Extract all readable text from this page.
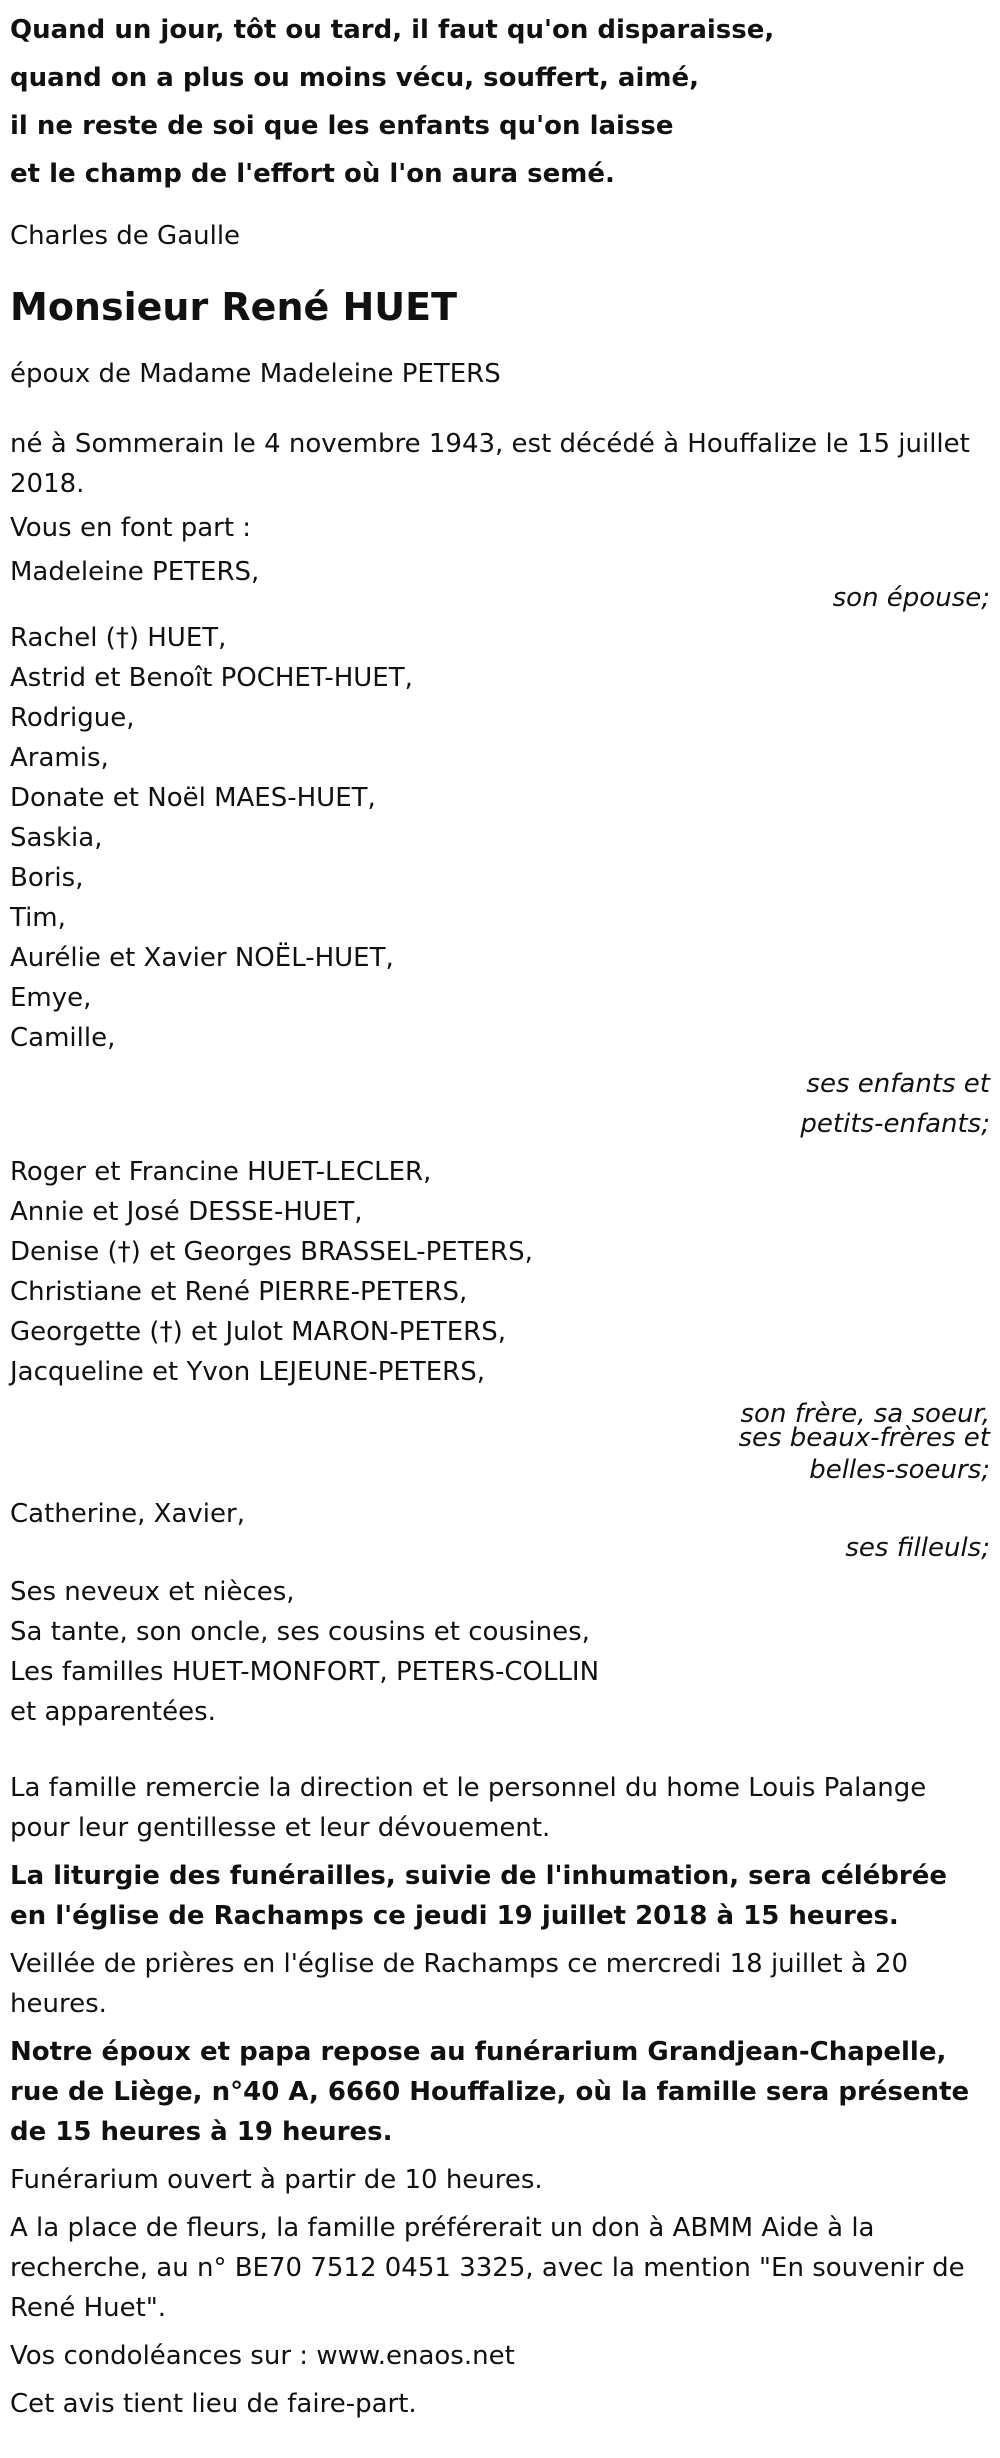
Quand un jour, tôt ou tard, il faut qu'on disparaisse,
quand on a plus ou moins vécu, souffert, aimé,
il ne reste de soi que les enfants qu'on laisse
et le champ de l'effort où l'on aura semé.
Charles de Gaulle
Monsieur René HUET
époux de Madame Madeleine PETERS
né à Sommerain le 4 novembre 1943, est décédé à Houffalize le 15 juillet 2018.
Vous en font part :
Madeleine PETERS,
son épouse;
Rachel (†) HUET,
Astrid et Benoît POCHET-HUET,
Rodrigue,
Aramis,
Donate et Noël MAES-HUET,
Saskia,
Boris,
Tim,
Aurélie et Xavier NOËL-HUET,
Emye,
Camille,
ses enfants et
petits-enfants;
Roger et Francine HUET-LECLER,
Annie et José DESSE-HUET,
Denise (†) et Georges BRASSEL-PETERS,
Christiane et René PIERRE-PETERS,
Georgette (†) et Julot MARON-PETERS,
Jacqueline et Yvon LEJEUNE-PETERS,
son frère, sa soeur,
ses beaux-frères et
belles-soeurs;
Catherine, Xavier,
ses filleuls;
Ses neveux et nièces,
Sa tante, son oncle, ses cousins et cousines,
Les familles HUET-MONFORT, PETERS-COLLIN
et apparentées.
La famille remercie la direction et le personnel du home Louis Palange pour leur gentillesse et leur dévouement.
La liturgie des funérailles, suivie de l'inhumation, sera célébrée en l'église de Rachamps ce jeudi 19 juillet 2018 à 15 heures.
Veillée de prières en l'église de Rachamps ce mercredi 18 juillet à 20 heures.
Notre époux et papa repose au funérarium Grandjean-Chapelle, rue de Liège, n°40 A, 6660 Houffalize, où la famille sera présente de 15 heures à 19 heures.
Funérarium ouvert à partir de 10 heures.
A la place de fleurs, la famille préférerait un don à ABMM Aide à la recherche, au n° BE70 7512 0451 3325, avec la mention "En souvenir de René Huet".
Vos condoléances sur : www.enaos.net
Cet avis tient lieu de faire-part.
